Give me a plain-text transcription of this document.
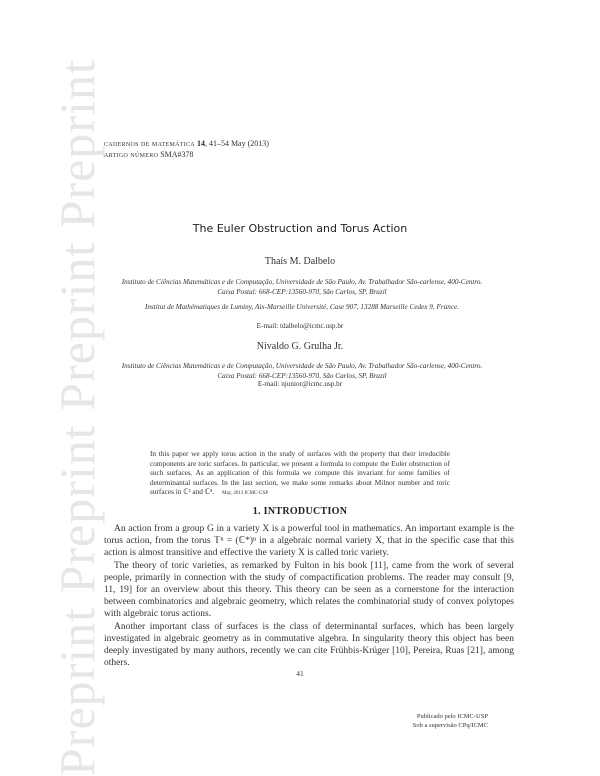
Preprint Preprint Preprint Preprint cadernos de matemática 14, 41–54 May (2013)
artigo número SMA#378
The Euler Obstruction and Torus Action
Thaís M. Dalbelo
Instituto de Ciências Matemáticas e de Computação, Universidade de São Paulo, Av. Trabalhador São-carlense, 400-Centro. Caixa Postal: 668-CEP:13560-970, São Carlos, SP, Brazil
Institut de Mathématiques de Luminy, Aix-Marseille Université, Case 907, 13288 Marseille Cedex 9, France.
E-mail: tdalbelo@icmc.usp.br
Nivaldo G. Grulha Jr.
Instituto de Ciências Matemáticas e de Computação, Universidade de São Paulo, Av. Trabalhador São-carlense, 400-Centro. Caixa Postal: 668-CEP:13560-970, São Carlos, SP, Brazil
E-mail: njunior@icmc.usp.br
In this paper we apply torus action in the study of surfaces with the property that their irreducible components are toric surfaces. In particular, we present a formula to compute the Euler obstruction of such surfaces. As an application of this formula we compute this invariant for some families of determinantal surfaces. In the last section, we make some remarks about Milnor number and toric surfaces in ℂ³ and ℂ⁴. May, 2013 ICMC-USP
1. INTRODUCTION

An action from a group G in a variety X is a powerful tool in mathematics. An important example is the torus action, from the torus 𝕋ⁿ = (ℂ*)ⁿ in a algebraic normal variety X, that in the specific case that this action is almost transitive and effective the variety X is called toric variety.

The theory of toric varieties, as remarked by Fulton in his book [11], came from the work of several people, primarily in connection with the study of compactification problems. The reader may consult [9, 11, 19] for an overview about this theory. This theory can be seen as a cornerstone for the interaction between combinatorics and algebraic geometry, which relates the combinatorial study of convex polytopes with algebraic torus actions.

Another important class of surfaces is the class of determinantal surfaces, which has been largely investigated in algebraic geometry as in commutative algebra. In singularity theory this object has been deeply investigated by many authors, recently we can cite Frühbis-Krüger [10], Pereira, Ruas [21], among others.

41
Publicado pelo ICMC-USP
Sob a supervisão CPq/ICMC
